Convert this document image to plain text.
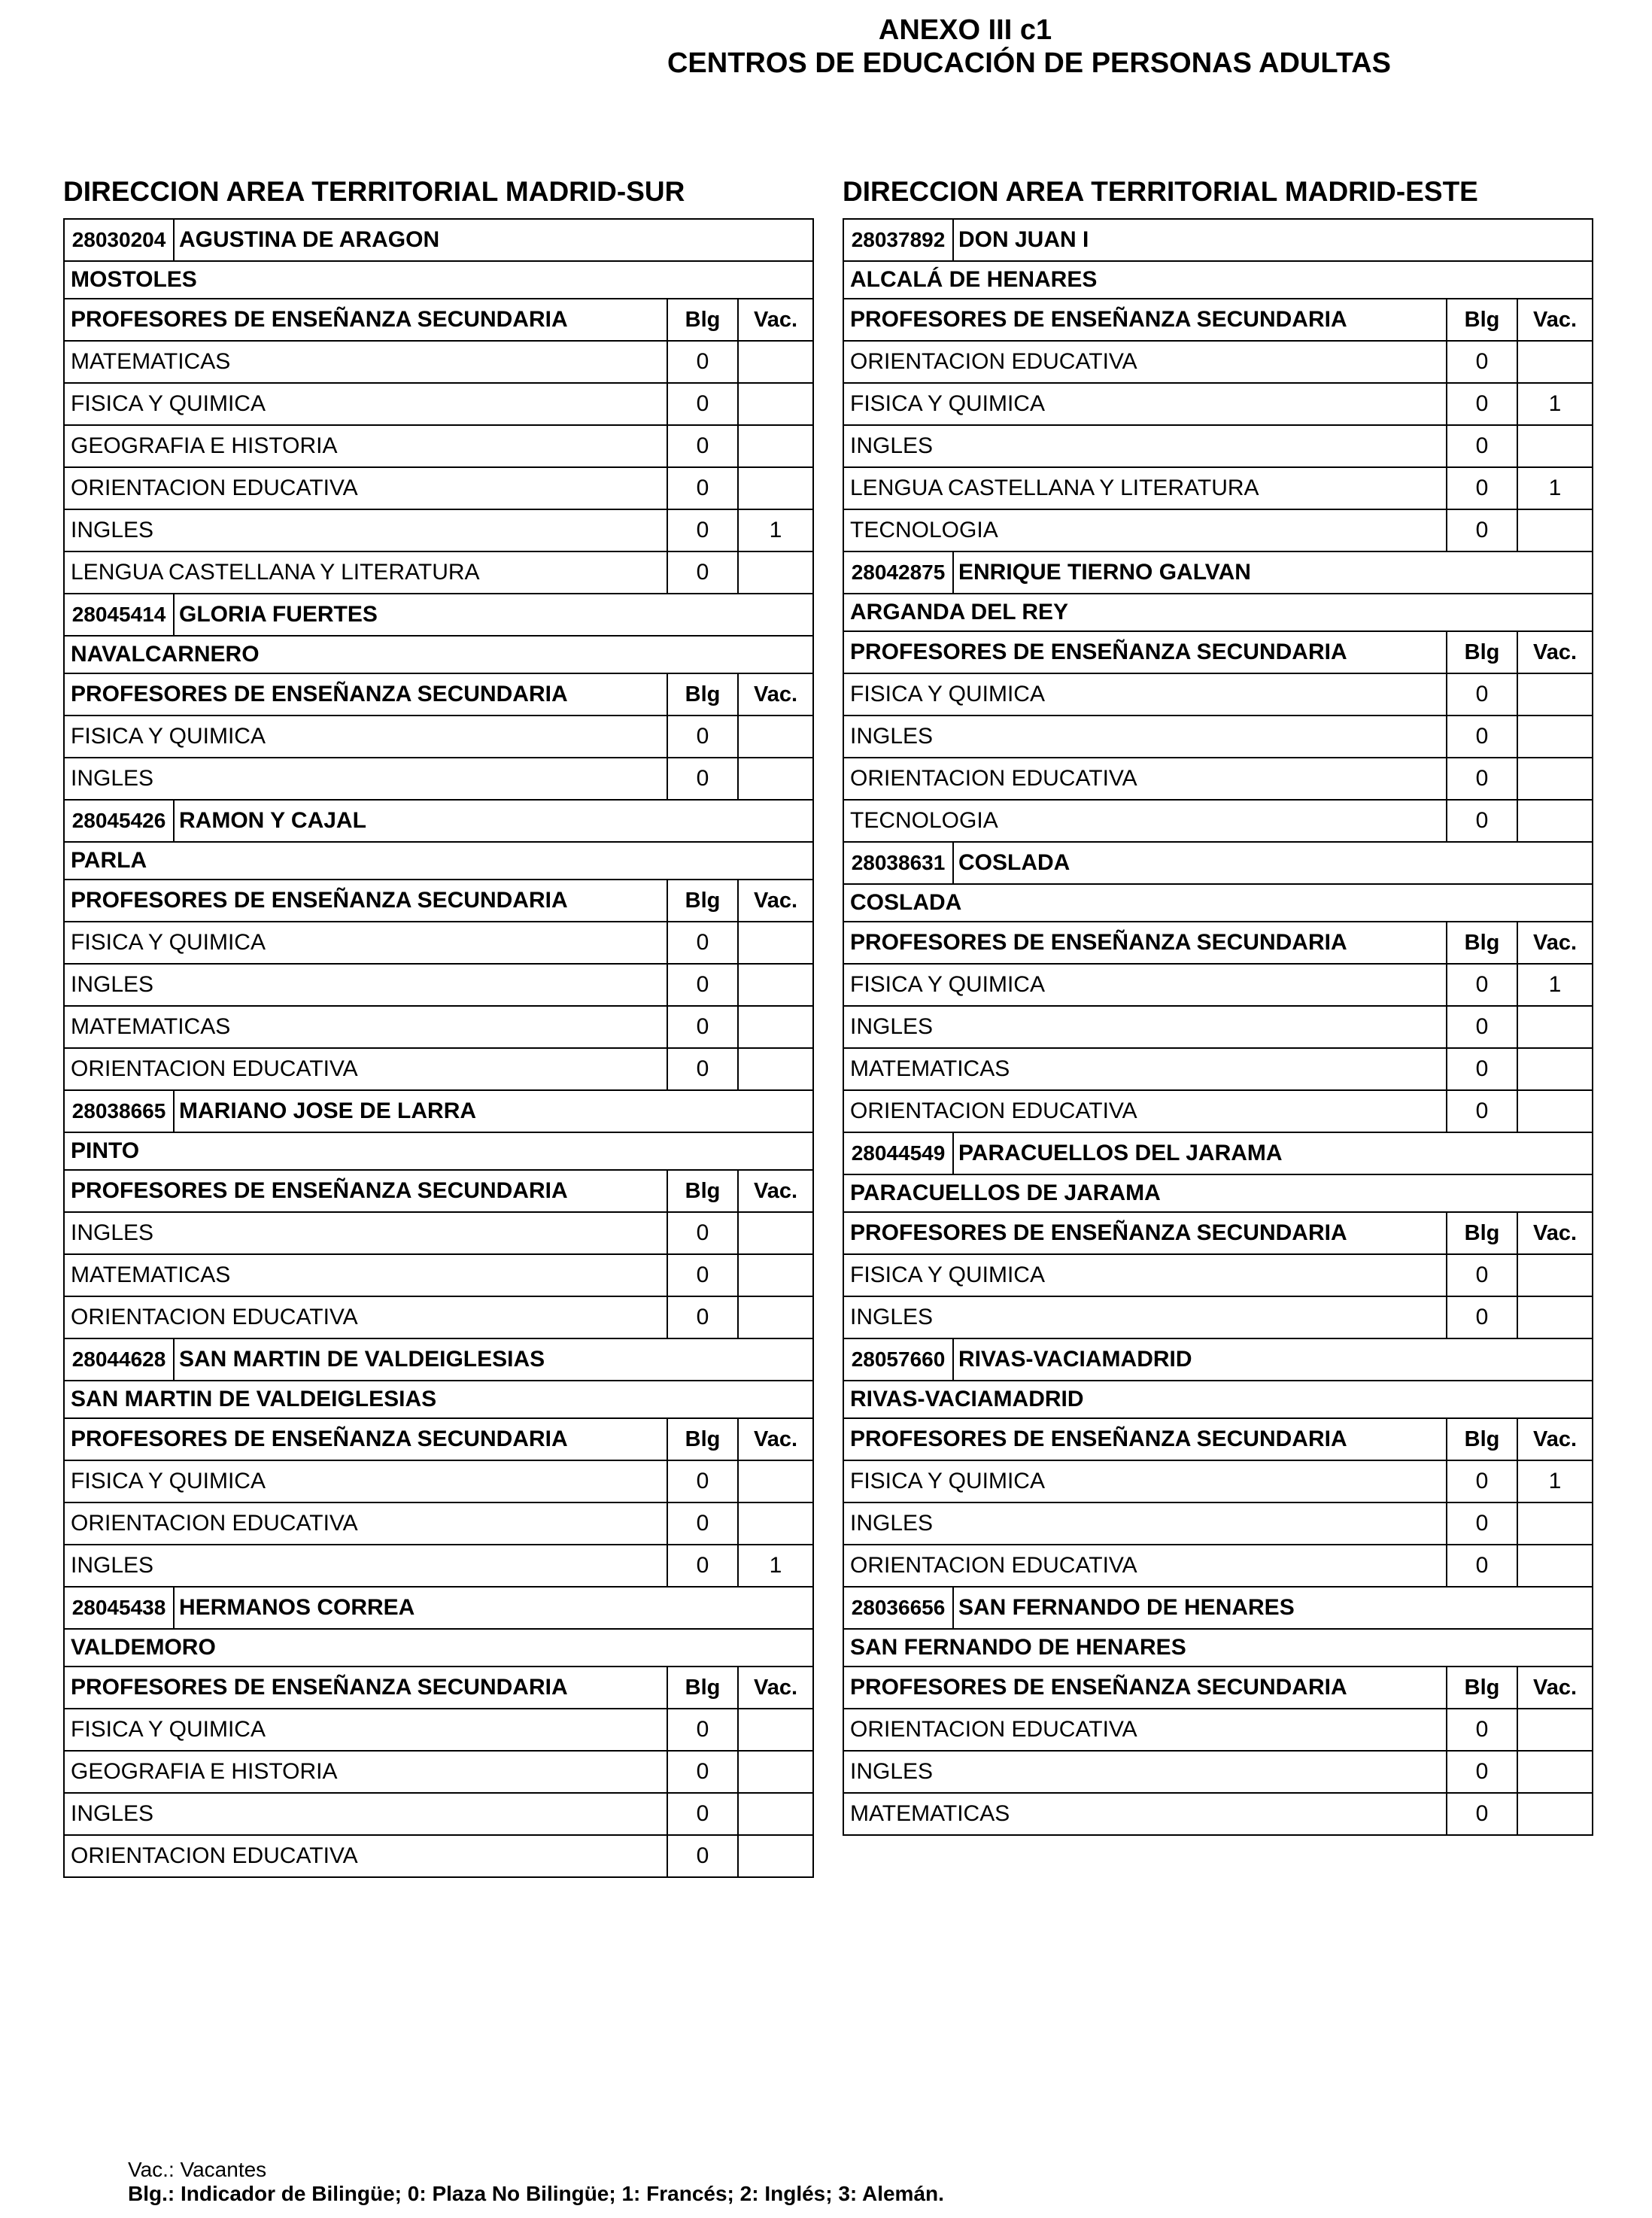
ANEXO III c1
CENTROS DE EDUCACIÓN DE PERSONAS ADULTAS
DIRECCION AREA TERRITORIAL MADRID-SUR
28030204 AGUSTINA DE ARAGON
MOSTOLES
PROFESORES DE ENSEÑANZA SECUNDARIA	Blg	Vac.
MATEMATICAS	0
FISICA Y QUIMICA	0
GEOGRAFIA E HISTORIA	0
ORIENTACION EDUCATIVA	0
INGLES	0	1
LENGUA CASTELLANA Y LITERATURA	0
28045414 GLORIA FUERTES
NAVALCARNERO
PROFESORES DE ENSEÑANZA SECUNDARIA	Blg	Vac.
FISICA Y QUIMICA	0
INGLES	0
28045426 RAMON Y CAJAL
PARLA
PROFESORES DE ENSEÑANZA SECUNDARIA	Blg	Vac.
FISICA Y QUIMICA	0
INGLES	0
MATEMATICAS	0
ORIENTACION EDUCATIVA	0
28038665 MARIANO JOSE DE LARRA
PINTO
PROFESORES DE ENSEÑANZA SECUNDARIA	Blg	Vac.
INGLES	0
MATEMATICAS	0
ORIENTACION EDUCATIVA	0
28044628 SAN MARTIN DE VALDEIGLESIAS
SAN MARTIN DE VALDEIGLESIAS
PROFESORES DE ENSEÑANZA SECUNDARIA	Blg	Vac.
FISICA Y QUIMICA	0
ORIENTACION EDUCATIVA	0
INGLES	0	1
28045438 HERMANOS CORREA
VALDEMORO
PROFESORES DE ENSEÑANZA SECUNDARIA	Blg	Vac.
FISICA Y QUIMICA	0
GEOGRAFIA E HISTORIA	0
INGLES	0
ORIENTACION EDUCATIVA	0
DIRECCION AREA TERRITORIAL MADRID-ESTE
28037892 DON JUAN I
ALCALÁ DE HENARES
PROFESORES DE ENSEÑANZA SECUNDARIA	Blg	Vac.
ORIENTACION EDUCATIVA	0
FISICA Y QUIMICA	0	1
INGLES	0
LENGUA CASTELLANA Y LITERATURA	0	1
TECNOLOGIA	0
28042875 ENRIQUE TIERNO GALVAN
ARGANDA DEL REY
PROFESORES DE ENSEÑANZA SECUNDARIA	Blg	Vac.
FISICA Y QUIMICA	0
INGLES	0
ORIENTACION EDUCATIVA	0
TECNOLOGIA	0
28038631 COSLADA
COSLADA
PROFESORES DE ENSEÑANZA SECUNDARIA	Blg	Vac.
FISICA Y QUIMICA	0	1
INGLES	0
MATEMATICAS	0
ORIENTACION EDUCATIVA	0
28044549 PARACUELLOS DEL JARAMA
PARACUELLOS DE JARAMA
PROFESORES DE ENSEÑANZA SECUNDARIA	Blg	Vac.
FISICA Y QUIMICA	0
INGLES	0
28057660 RIVAS-VACIAMADRID
RIVAS-VACIAMADRID
PROFESORES DE ENSEÑANZA SECUNDARIA	Blg	Vac.
FISICA Y QUIMICA	0	1
INGLES	0
ORIENTACION EDUCATIVA	0
28036656 SAN FERNANDO DE HENARES
SAN FERNANDO DE HENARES
PROFESORES DE ENSEÑANZA SECUNDARIA	Blg	Vac.
ORIENTACION EDUCATIVA	0
INGLES	0
MATEMATICAS	0
Vac.: Vacantes
Blg.: Indicador de Bilingüe; 0: Plaza No Bilingüe; 1: Francés; 2: Inglés; 3: Alemán.
